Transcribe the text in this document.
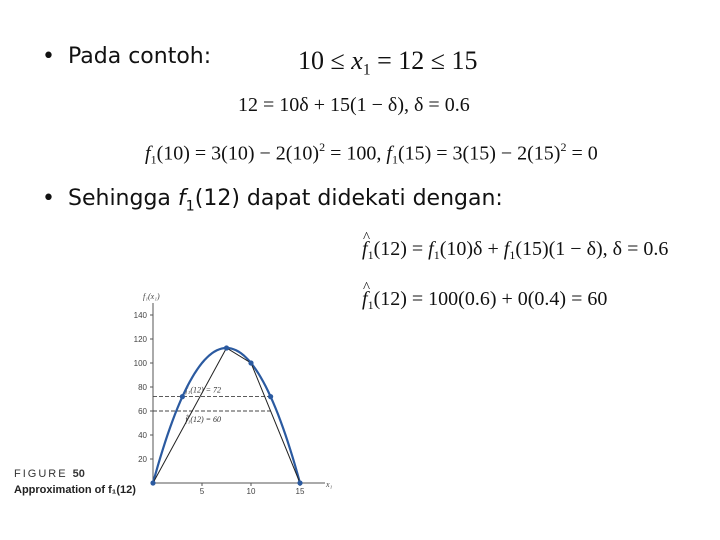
• Pada contoh:	$10 \le x_1 = 12 \le 15$
12 = 10δ + 15(1 − δ), δ = 0.6
$f_1(10) = 3(10) - 2(10)^2 = 100$, $f_1(15) = 3(15) - 2(15)^2 = 0$
• Sehingga $f_1(12)$ dapat didekati dengan:
^ $f_1(12) = f_1(10)\delta + f_1(15)(1 - \delta)$, δ = 0.6
^ $f_1(12) = 100(0.6) + 0(0.4) = 60$
20
40
60
80
100
120
140
5	10	15
f₁(x₁)
x₁
f₁(12) = 72
f̂₁(12) = 60
FIGURE 50
Approximation of f₁(12)
